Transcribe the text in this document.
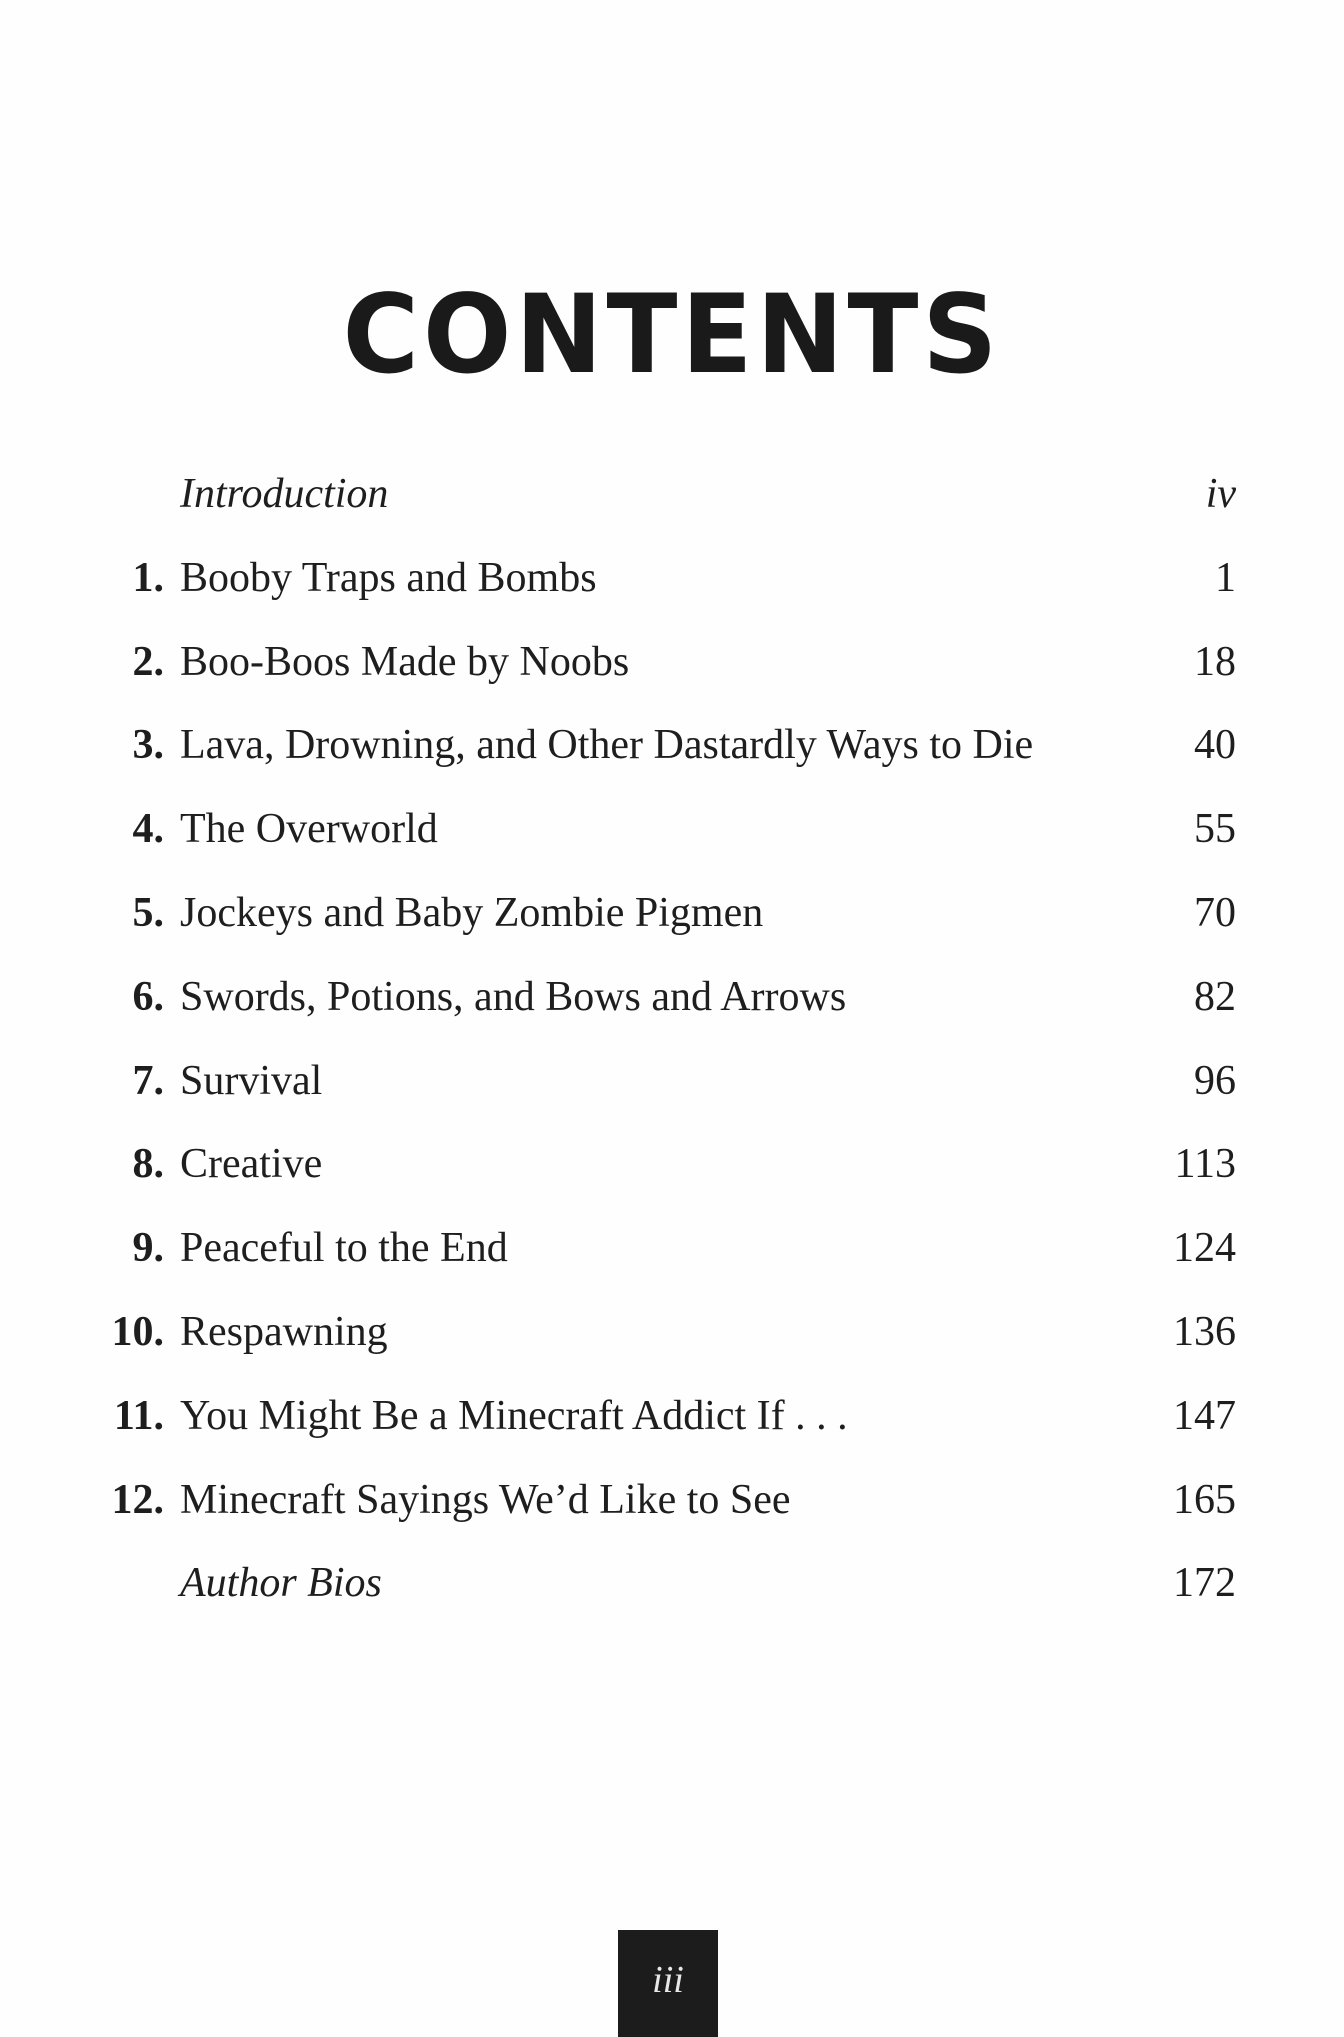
CONTENTS
Introduction	iv
1. Booby Traps and Bombs	1
2. Boo-Boos Made by Noobs	18
3. Lava, Drowning, and Other Dastardly Ways to Die	40
4. The Overworld	55
5. Jockeys and Baby Zombie Pigmen	70
6. Swords, Potions, and Bows and Arrows	82
7. Survival	96
8. Creative	113
9. Peaceful to the End	124
10. Respawning	136
11. You Might Be a Minecraft Addict If . . .	147
12. Minecraft Sayings We’d Like to See	165
Author Bios	172
iii
